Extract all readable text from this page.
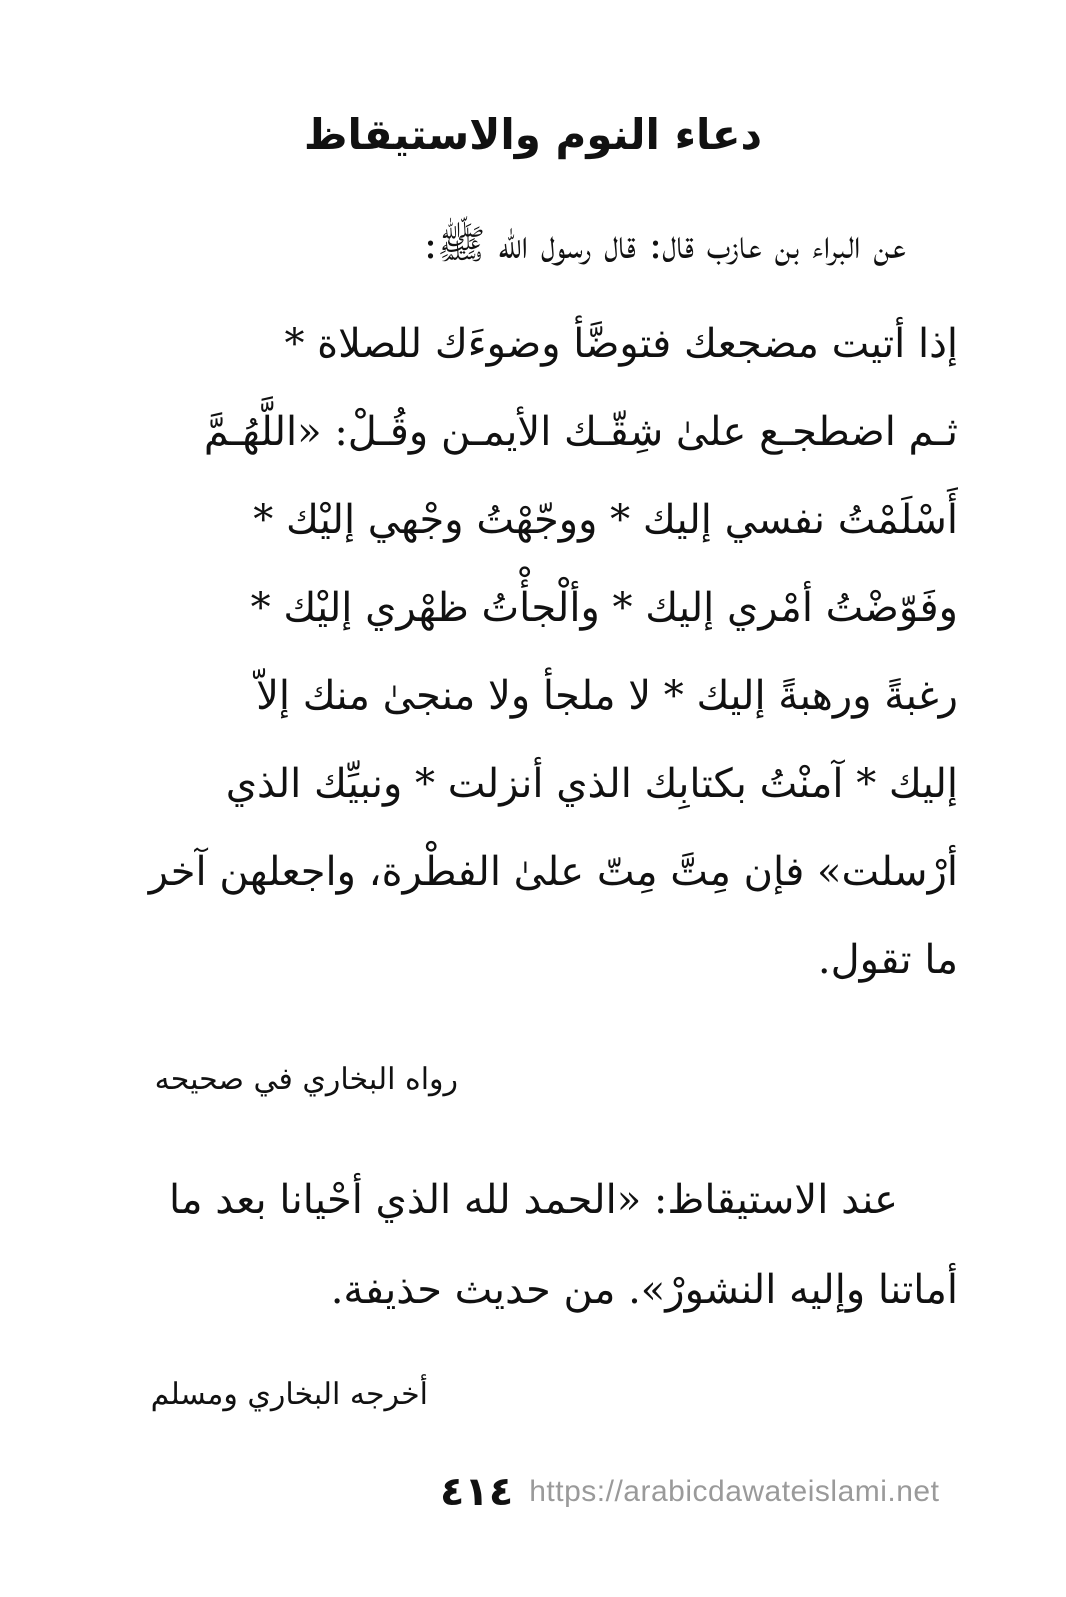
دعاء النوم والاستيقاظ
عن البراء بن عازب قال: قال رسول الله ﷺ:
إذا أتيت مضجعك فتوضَّأ وضوءَك للصلاة *
ثـم اضطجـع علىٰ شِقّـك الأيمـن وقُـلْ: «اللَّهُـمَّ
أَسْلَمْتُ نفسي إليك * ووجّهْتُ وجْهي إليْك *
وفَوّضْتُ أمْري إليك * وألْجأْتُ ظهْري إليْك *
رغبةً ورهبةً إليك * لا ملجأ ولا منجىٰ منك إلاّ
إليك * آمنْتُ بكتابِك الذي أنزلت * ونبيِّك الذي
أرْسلت» فإن مِتَّ مِتّ علىٰ الفطْرة، واجعلهن آخر
ما تقول.
رواه البخاري في صحيحه
عند الاستيقاظ: «الحمد لله الذي أحْيانا بعد ما
أماتنا وإليه النشورْ». من حديث حذيفة.
أخرجه البخاري ومسلم
٤١٤ https://arabicdawateislami.net
